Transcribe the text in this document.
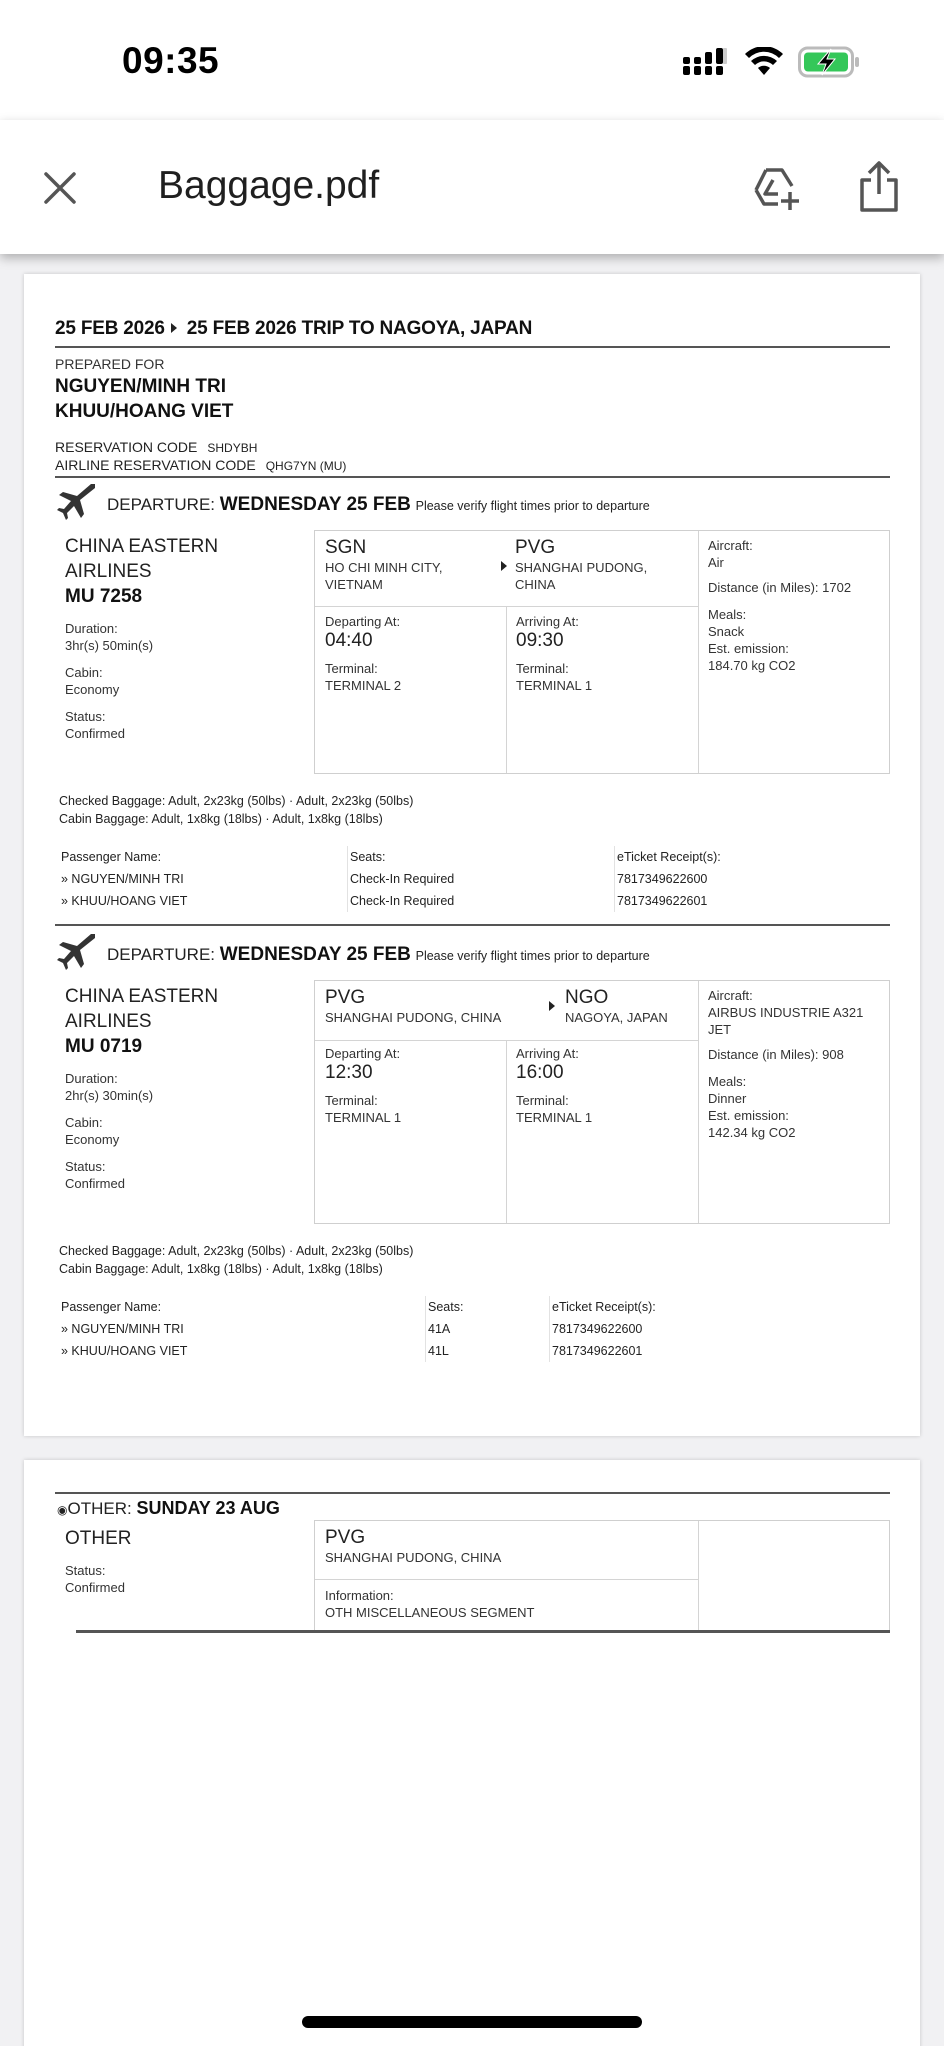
09:35
Baggage.pdf
25 FEB 2026 25 FEB 2026 TRIP TO NAGOYA, JAPAN
PREPARED FOR
NGUYEN/MINH TRI
KHUU/HOANG VIET
RESERVATION CODE SHDYBH
AIRLINE RESERVATION CODE QHG7YN (MU)
DEPARTURE: WEDNESDAY 25 FEB Please verify flight times prior to departure
CHINA EASTERN
AIRLINES
MU 7258
Duration:
3hr(s) 50min(s)
Cabin:
Economy
Status:
Confirmed
SGN
HO CHI MINH CITY,
VIETNAM
PVG
SHANGHAI PUDONG,
CHINA
Departing At:
04:40
Terminal:
TERMINAL 2
Arriving At:
09:30
Terminal:
TERMINAL 1
Aircraft:
Air
Distance (in Miles): 1702
Meals:
Snack
Est. emission:
184.70 kg CO2
Checked Baggage: Adult, 2x23kg (50lbs) · Adult, 2x23kg (50lbs)
Cabin Baggage: Adult, 1x8kg (18lbs) · Adult, 1x8kg (18lbs)
Passenger Name:
» NGUYEN/MINH TRI
» KHUU/HOANG VIET
Seats:
Check-In Required
Check-In Required
eTicket Receipt(s):
7817349622600
7817349622601
DEPARTURE: WEDNESDAY 25 FEB Please verify flight times prior to departure
CHINA EASTERN
AIRLINES
MU 0719
Duration:
2hr(s) 30min(s)
Cabin:
Economy
Status:
Confirmed
PVG
SHANGHAI PUDONG, CHINA
NGO
NAGOYA, JAPAN
Departing At:
12:30
Terminal:
TERMINAL 1
Arriving At:
16:00
Terminal:
TERMINAL 1
Aircraft:
AIRBUS INDUSTRIE A321
JET
Distance (in Miles): 908
Meals:
Dinner
Est. emission:
142.34 kg CO2
Checked Baggage: Adult, 2x23kg (50lbs) · Adult, 2x23kg (50lbs)
Cabin Baggage: Adult, 1x8kg (18lbs) · Adult, 1x8kg (18lbs)
Passenger Name:
» NGUYEN/MINH TRI
» KHUU/HOANG VIET
Seats:
41A
41L
eTicket Receipt(s):
7817349622600
7817349622601
◉OTHER: SUNDAY 23 AUG
OTHER
Status:
Confirmed
PVG
SHANGHAI PUDONG, CHINA
Information:
OTH MISCELLANEOUS SEGMENT
